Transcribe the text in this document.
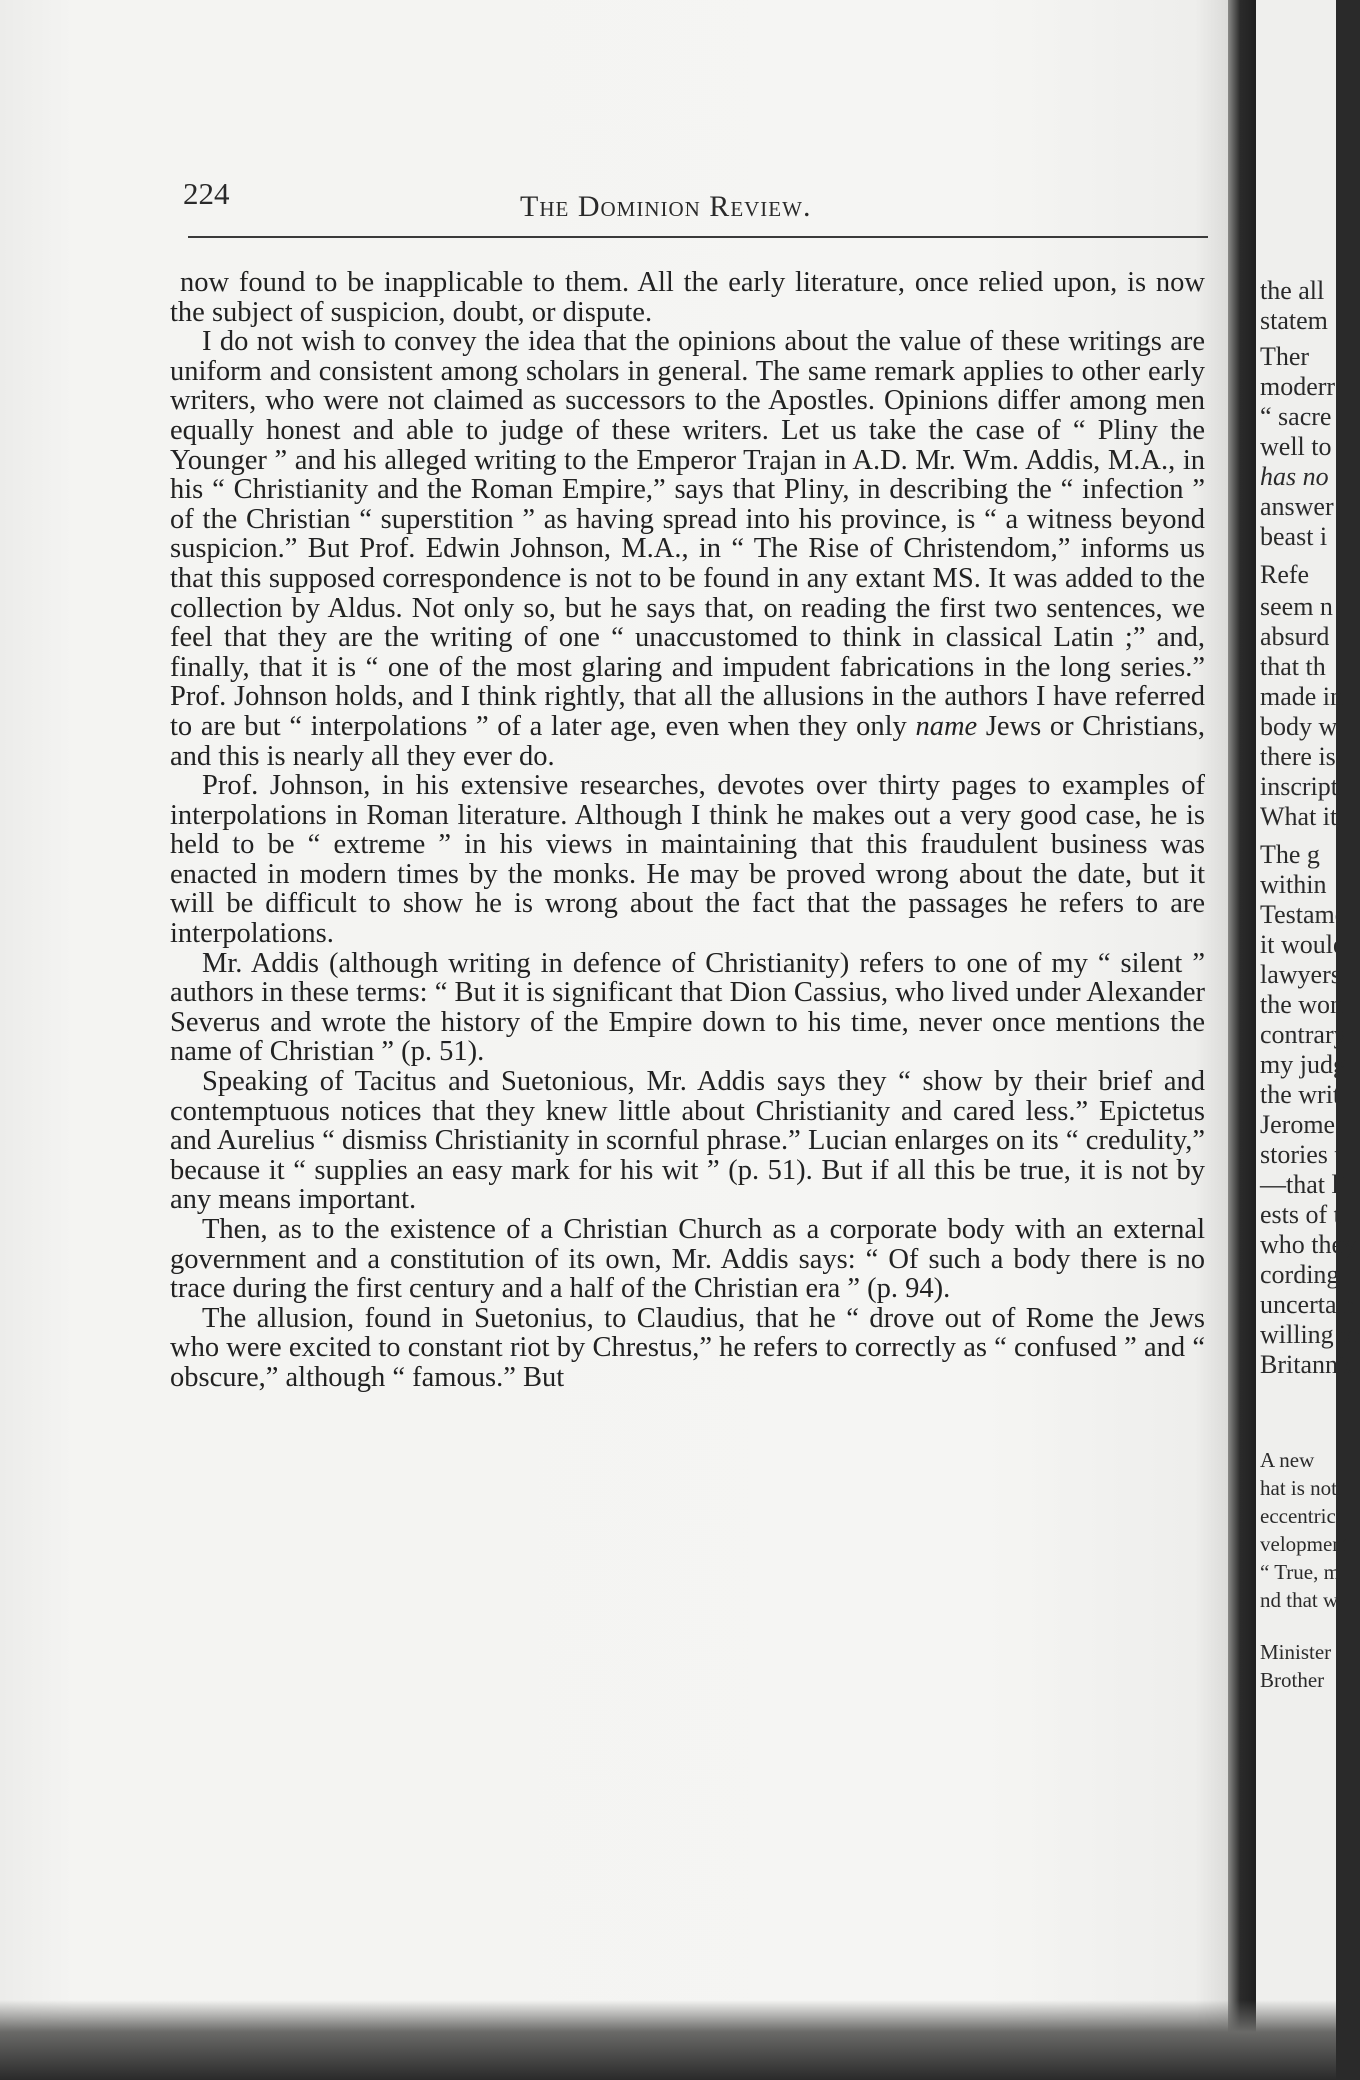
224	The Dominion Review.

now found to be inapplicable to them. All the early literature, once relied upon, is now the subject of suspicion, doubt, or dispute.

I do not wish to convey the idea that the opinions about the value of these writings are uniform and consistent among scholars in general. The same remark applies to other early writers, who were not claimed as successors to the Apostles. Opinions differ among men equally honest and able to judge of these writers. Let us take the case of “ Pliny the Younger ” and his alleged writing to the Emperor Trajan in A.D. Mr. Wm. Addis, M.A., in his “ Christianity and the Roman Empire,” says that Pliny, in describing the “ infection ” of the Christian “ superstition ” as having spread into his province, is “ a witness beyond suspicion.” But Prof. Edwin Johnson, M.A., in “ The Rise of Christendom,” informs us that this supposed correspondence is not to be found in any extant MS. It was added to the collection by Aldus. Not only so, but he says that, on reading the first two sentences, we feel that they are the writing of one “ unaccustomed to think in classical Latin ;” and, finally, that it is “ one of the most glaring and impudent fabrications in the long series.” Prof. Johnson holds, and I think rightly, that all the allusions in the authors I have referred to are but “ interpolations ” of a later age, even when they only name Jews or Christians, and this is nearly all they ever do.

Prof. Johnson, in his extensive researches, devotes over thirty pages to examples of interpolations in Roman literature. Although I think he makes out a very good case, he is held to be “ extreme ” in his views in maintaining that this fraudulent business was enacted in modern times by the monks. He may be proved wrong about the date, but it will be difficult to show he is wrong about the fact that the passages he refers to are interpolations.

Mr. Addis (although writing in defence of Christianity) refers to one of my “ silent ” authors in these terms: “ But it is significant that Dion Cassius, who lived under Alexander Severus and wrote the history of the Empire down to his time, never once mentions the name of Christian ” (p. 51).

Speaking of Tacitus and Suetonious, Mr. Addis says they “ show by their brief and contemptuous notices that they knew little about Christianity and cared less.” Epictetus and Aurelius “ dismiss Christianity in scornful phrase.” Lucian enlarges on its “ credulity,” because it “ supplies an easy mark for his wit ” (p. 51). But if all this be true, it is not by any means important.

Then, as to the existence of a Christian Church as a corporate body with an external government and a constitution of its own, Mr. Addis says: “ Of such a body there is no trace during the first century and a half of the Christian era ” (p. 94).

The allusion, found in Suetonius, to Claudius, that he “ drove out of Rome the Jews who were excited to constant riot by Chrestus,” he refers to correctly as “ confused ” and “ obscure,” although “ famous.” But

the all
statem
Ther
moderr
“ sacre
well to
has no
answer
beast i
Refe
seem n
absurd
that th
made in
body w
there is
inscript
What it
The g
within
Testame
it would
lawyers
the won
contrary
my judg
the writ
Jerome.
stories t
—that li
ests of t
who they
cording
uncertain
willing to
Britannic
A new
hat is not
eccentric
velopment
“ True, m
nd that w
Minister
Brother
